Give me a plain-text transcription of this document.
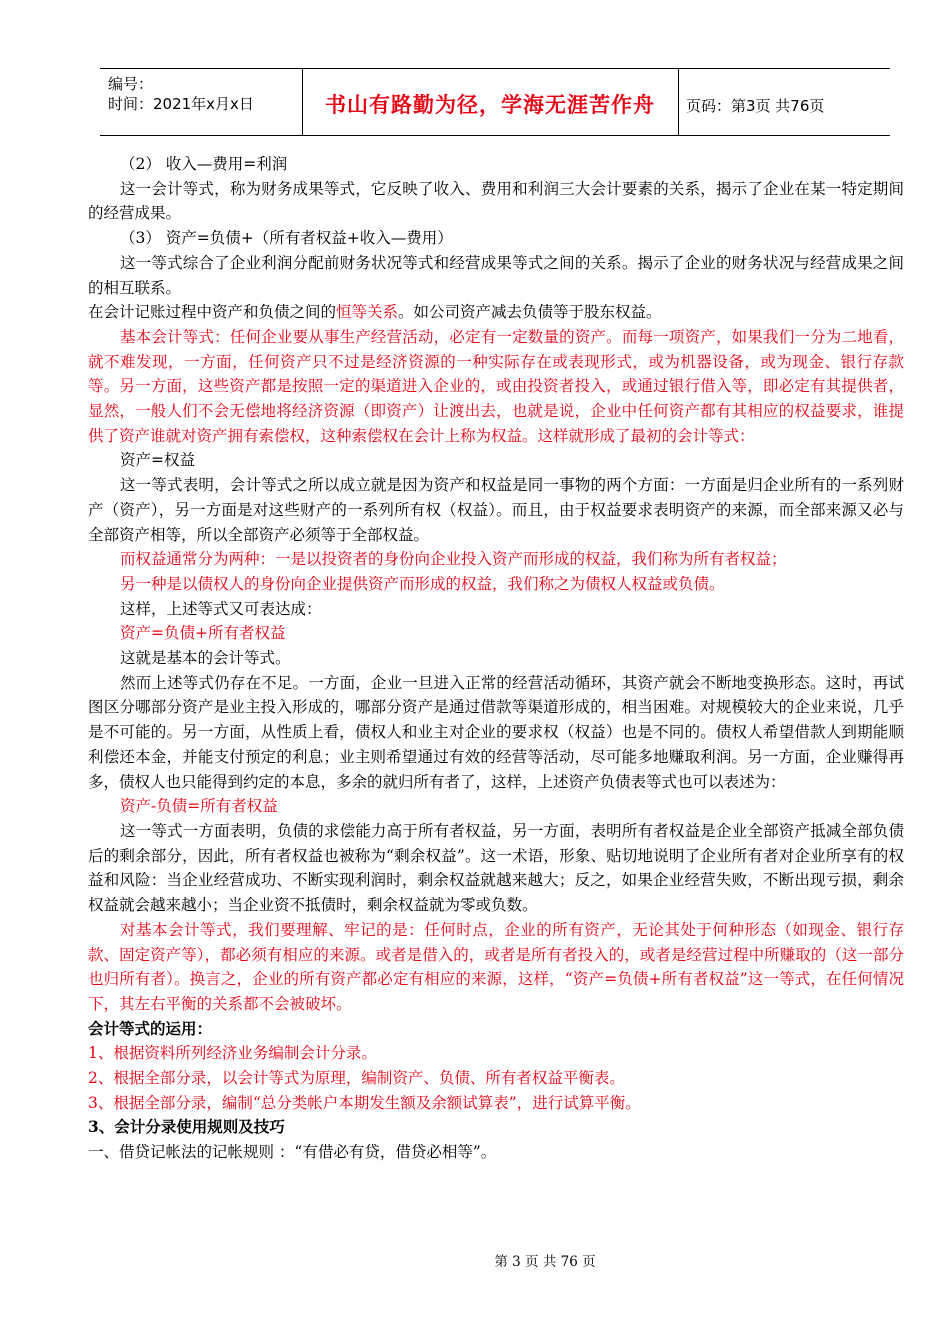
编号：
时间：2021年x月x日	书山有路勤为径，学海无涯苦作舟	页码：第3页 共76页

（2） 收入—费用=利润

这一会计等式，称为财务成果等式，它反映了收入、费用和利润三大会计要素的关系，揭示了企业在某一特定期间的经营成果。

（3） 资产=负债+（所有者权益+收入—费用）

这一等式综合了企业利润分配前财务状况等式和经营成果等式之间的关系。揭示了企业的财务状况与经营成果之间的相互联系。

在会计记账过程中资产和负债之间的恒等关系。如公司资产减去负债等于股东权益。

基本会计等式：任何企业要从事生产经营活动，必定有一定数量的资产。而每一项资产，如果我们一分为二地看，就不难发现，一方面，任何资产只不过是经济资源的一种实际存在或表现形式，或为机器设备，或为现金、银行存款等。另一方面，这些资产都是按照一定的渠道进入企业的，或由投资者投入，或通过银行借入等，即必定有其提供者，显然，一般人们不会无偿地将经济资源（即资产）让渡出去，也就是说，企业中任何资产都有其相应的权益要求，谁提供了资产谁就对资产拥有索偿权，这种索偿权在会计上称为权益。这样就形成了最初的会计等式：

资产=权益

这一等式表明，会计等式之所以成立就是因为资产和权益是同一事物的两个方面：一方面是归企业所有的一系列财产（资产），另一方面是对这些财产的一系列所有权（权益）。而且，由于权益要求表明资产的来源，而全部来源又必与全部资产相等，所以全部资产必须等于全部权益。

而权益通常分为两种：一是以投资者的身份向企业投入资产而形成的权益，我们称为所有者权益；

另一种是以债权人的身份向企业提供资产而形成的权益，我们称之为债权人权益或负债。

这样，上述等式又可表达成：

资产=负债+所有者权益

这就是基本的会计等式。

然而上述等式仍存在不足。一方面，企业一旦进入正常的经营活动循环，其资产就会不断地变换形态。这时，再试图区分哪部分资产是业主投入形成的，哪部分资产是通过借款等渠道形成的，相当困难。对规模较大的企业来说，几乎是不可能的。另一方面，从性质上看，债权人和业主对企业的要求权（权益）也是不同的。债权人希望借款人到期能顺利偿还本金，并能支付预定的利息；业主则希望通过有效的经营等活动，尽可能多地赚取利润。另一方面，企业赚得再多，债权人也只能得到约定的本息，多余的就归所有者了，这样，上述资产负债表等式也可以表述为：

资产-负债=所有者权益

这一等式一方面表明，负债的求偿能力高于所有者权益，另一方面，表明所有者权益是企业全部资产抵减全部负债后的剩余部分，因此，所有者权益也被称为“剩余权益”。这一术语，形象、贴切地说明了企业所有者对企业所享有的权益和风险：当企业经营成功、不断实现利润时，剩余权益就越来越大；反之，如果企业经营失败，不断出现亏损，剩余权益就会越来越小；当企业资不抵债时，剩余权益就为零或负数。

对基本会计等式，我们要理解、牢记的是：任何时点，企业的所有资产，无论其处于何种形态（如现金、银行存款、固定资产等），都必须有相应的来源。或者是借入的，或者是所有者投入的，或者是经营过程中所赚取的（这一部分也归所有者）。换言之，企业的所有资产都必定有相应的来源，这样，“资产=负债+所有者权益”这一等式，在任何情况下，其左右平衡的关系都不会被破坏。

会计等式的运用：

1、根据资料所列经济业务编制会计分录。

2、根据全部分录，以会计等式为原理，编制资产、负债、所有者权益平衡表。

3、根据全部分录，编制“总分类帐户本期发生额及余额试算表”，进行试算平衡。

3、会计分录使用规则及技巧

一、借贷记帐法的记帐规则 ：“有借必有贷，借贷必相等”。

第 3 页 共 76 页
